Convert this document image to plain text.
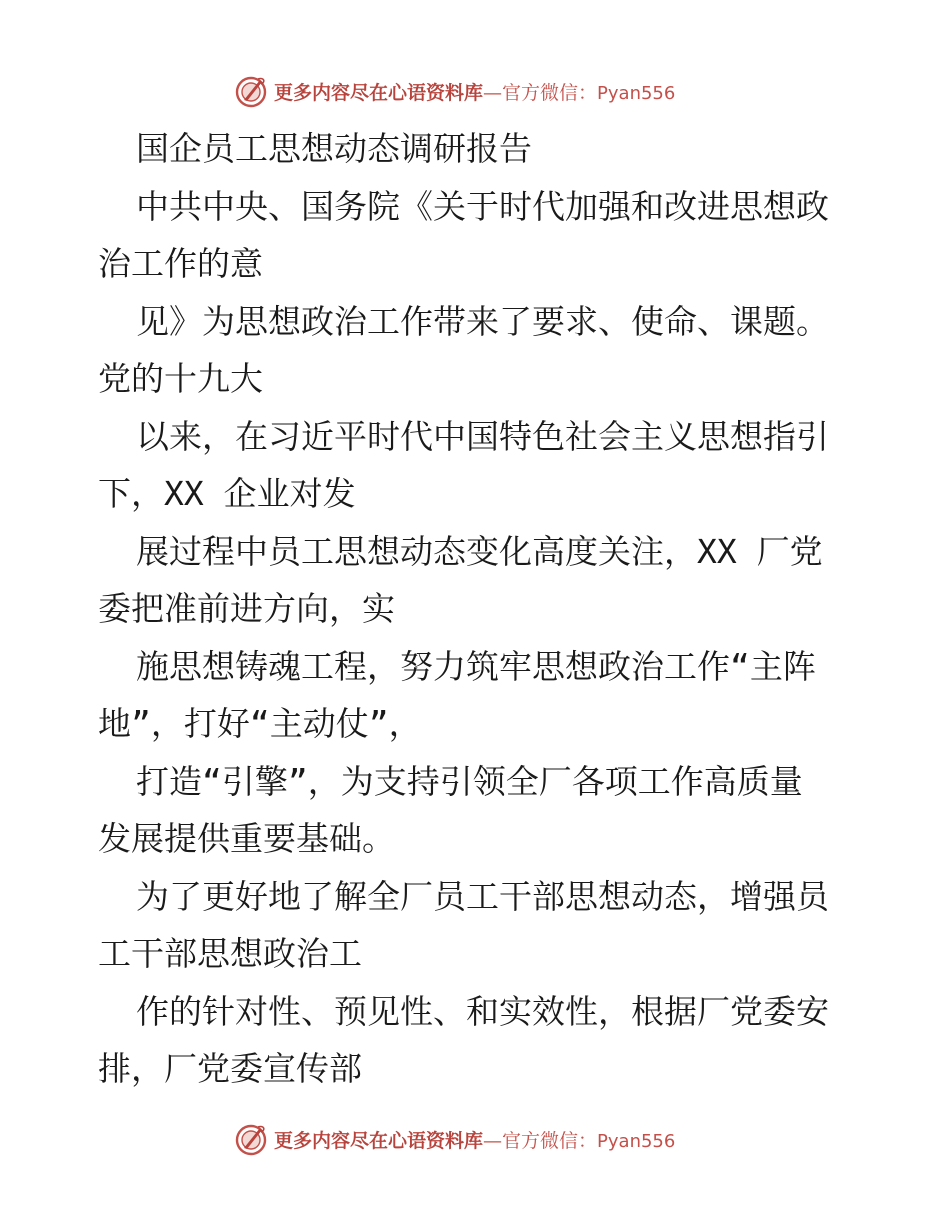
更多内容尽在心语资料库—官方微信：Pyan556

国企员工思想动态调研报告

中共中央、国务院《关于时代加强和改进思想政

治工作的意

见》为思想政治工作带来了要求、使命、课题。

党的十九大

以来，在习近平时代中国特色社会主义思想指引

下，XX 企业对发

展过程中员工思想动态变化高度关注，XX 厂党

委把准前进方向，实

施思想铸魂工程，努力筑牢思想政治工作“主阵

地”，打好“主动仗”，

打造“引擎”，为支持引领全厂各项工作高质量

发展提供重要基础。

为了更好地了解全厂员工干部思想动态，增强员

工干部思想政治工

作的针对性、预见性、和实效性，根据厂党委安

排，厂党委宣传部

更多内容尽在心语资料库—官方微信：Pyan556
